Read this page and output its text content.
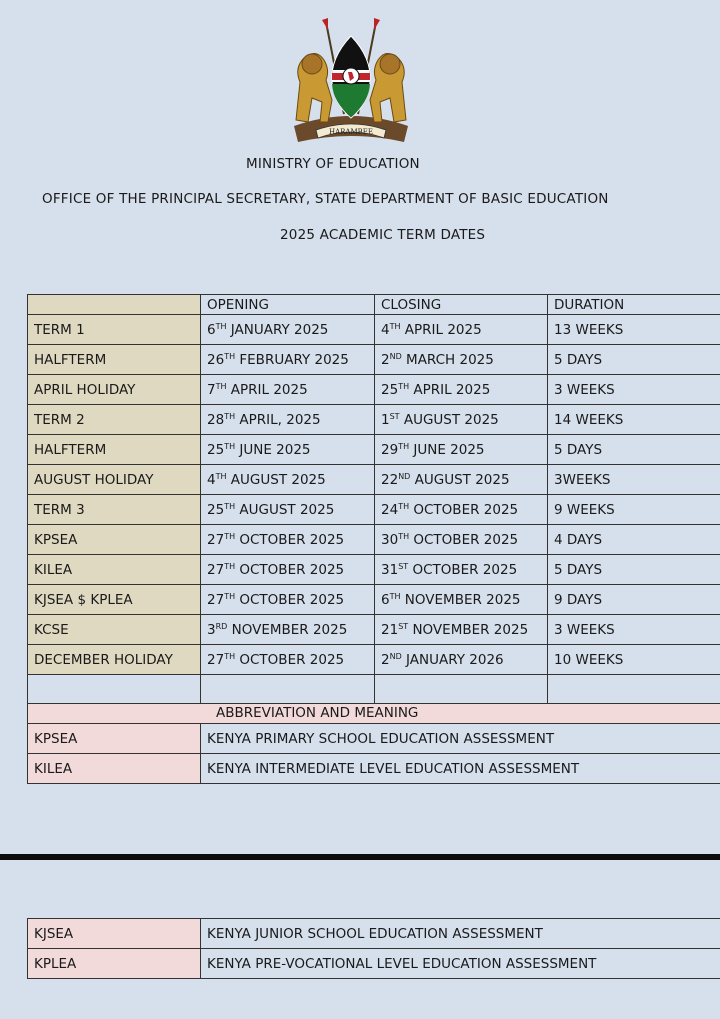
HARAMBEE
MINISTRY OF EDUCATION
OFFICE OF THE PRINCIPAL SECRETARY, STATE DEPARTMENT OF BASIC EDUCATION
2025 ACADEMIC TERM DATES
	OPENING	CLOSING	DURATION
TERM 1	6TH JANUARY 2025	4TH APRIL 2025	13 WEEKS
HALFTERM	26TH FEBRUARY 2025	2ND MARCH 2025	5 DAYS
APRIL HOLIDAY	7TH APRIL 2025	25TH APRIL 2025	3 WEEKS
TERM 2	28TH APRIL, 2025	1ST AUGUST 2025	14 WEEKS
HALFTERM	25TH JUNE 2025	29TH JUNE 2025	5 DAYS
AUGUST HOLIDAY	4TH AUGUST 2025	22ND AUGUST 2025	3WEEKS
TERM 3	25TH AUGUST 2025	24TH OCTOBER 2025	9 WEEKS
KPSEA	27TH OCTOBER 2025	30TH OCTOBER 2025	4 DAYS
KILEA	27TH OCTOBER 2025	31ST OCTOBER 2025	5 DAYS
KJSEA $ KPLEA	27TH OCTOBER 2025	6TH NOVEMBER 2025	9 DAYS
KCSE	3RD NOVEMBER 2025	21ST NOVEMBER 2025	3 WEEKS
DECEMBER HOLIDAY	27TH OCTOBER 2025	2ND JANUARY 2026	10 WEEKS

ABBREVIATION AND MEANING			
KPSEA	KENYA PRIMARY SCHOOL EDUCATION ASSESSMENT		
KILEA	KENYA INTERMEDIATE LEVEL EDUCATION ASSESSMENT		
KJSEA	KENYA JUNIOR SCHOOL EDUCATION ASSESSMENT
KPLEA	KENYA PRE-VOCATIONAL LEVEL EDUCATION ASSESSMENT
